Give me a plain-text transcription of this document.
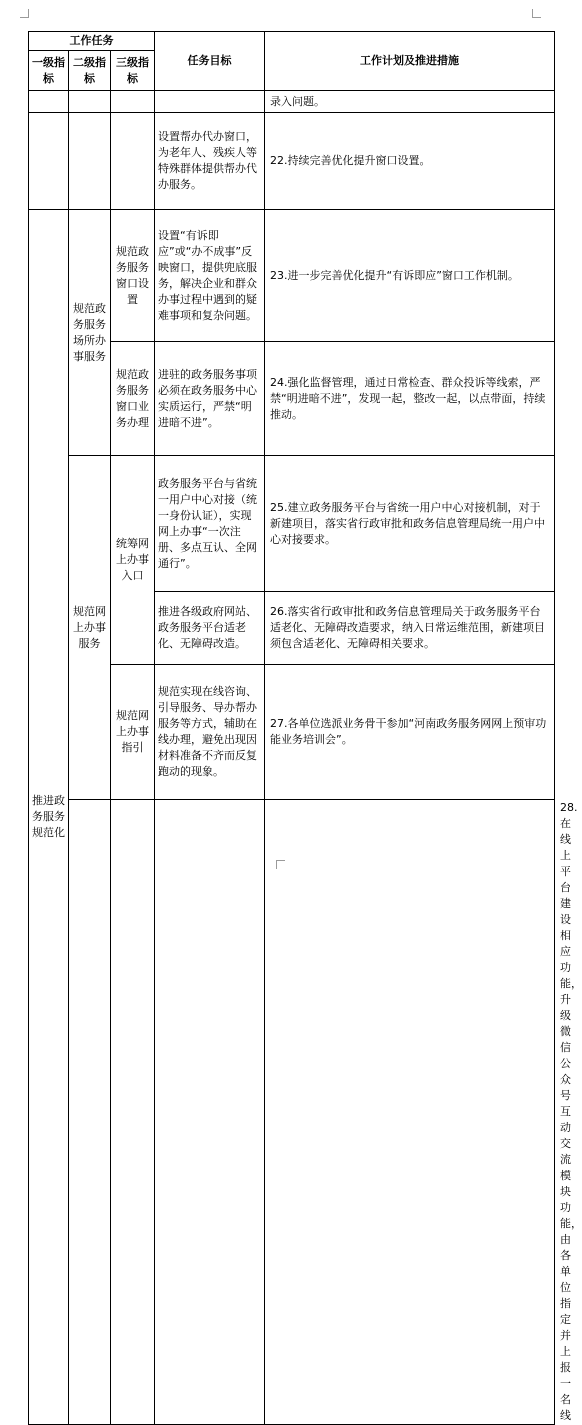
工作任务			任务目标	工作计划及推进措施	
一级指标	二级指标	三级指标			
				录入问题。	
			设置帮办代办窗口，为老年人、残疾人等特殊群体提供帮办代办服务。	22.持续完善优化提升窗口设置。	
推进政务服务规范化	规范政务服务场所办事服务	规范政务服务窗口设置	设置“有诉即应”或“办不成事”反映窗口，提供兜底服务，解决企业和群众办事过程中遇到的疑难事项和复杂问题。	23.进一步完善优化提升“有诉即应”窗口工作机制。	
		规范政务服务窗口业务办理	进驻的政务服务事项必须在政务服务中心实质运行，严禁“明进暗不进”。	24.强化监督管理，通过日常检查、群众投诉等线索，严禁“明进暗不进”，发现一起，整改一起，以点带面，持续推动。	
	规范网上办事服务	统筹网上办事入口	政务服务平台与省统一用户中心对接（统一身份认证），实现网上办事“一次注册、多点互认、全网通行”。	25.建立政务服务平台与省统一用户中心对接机制，对于新建项目，落实省行政审批和政务信息管理局统一用户中心对接要求。	
			推进各级政府网站、政务服务平台适老化、无障碍改造。	26.落实省行政审批和政务信息管理局关于政务服务平台适老化、无障碍改造要求，纳入日常运维范围，新建项目须包含适老化、无障碍相关要求。	
		规范网上办事指引	规范实现在线咨询、引导服务、导办帮办服务等方式，辅助在线办理，避免出现因材料准备不齐而反复跑动的现象。	27.各单位选派业务骨干参加“河南政务服务网网上预审功能业务培训会”。	
					28.在线上平台建设相应功能，升级微信公众号互动交流模块功能，由各单位指定并上报一名线
